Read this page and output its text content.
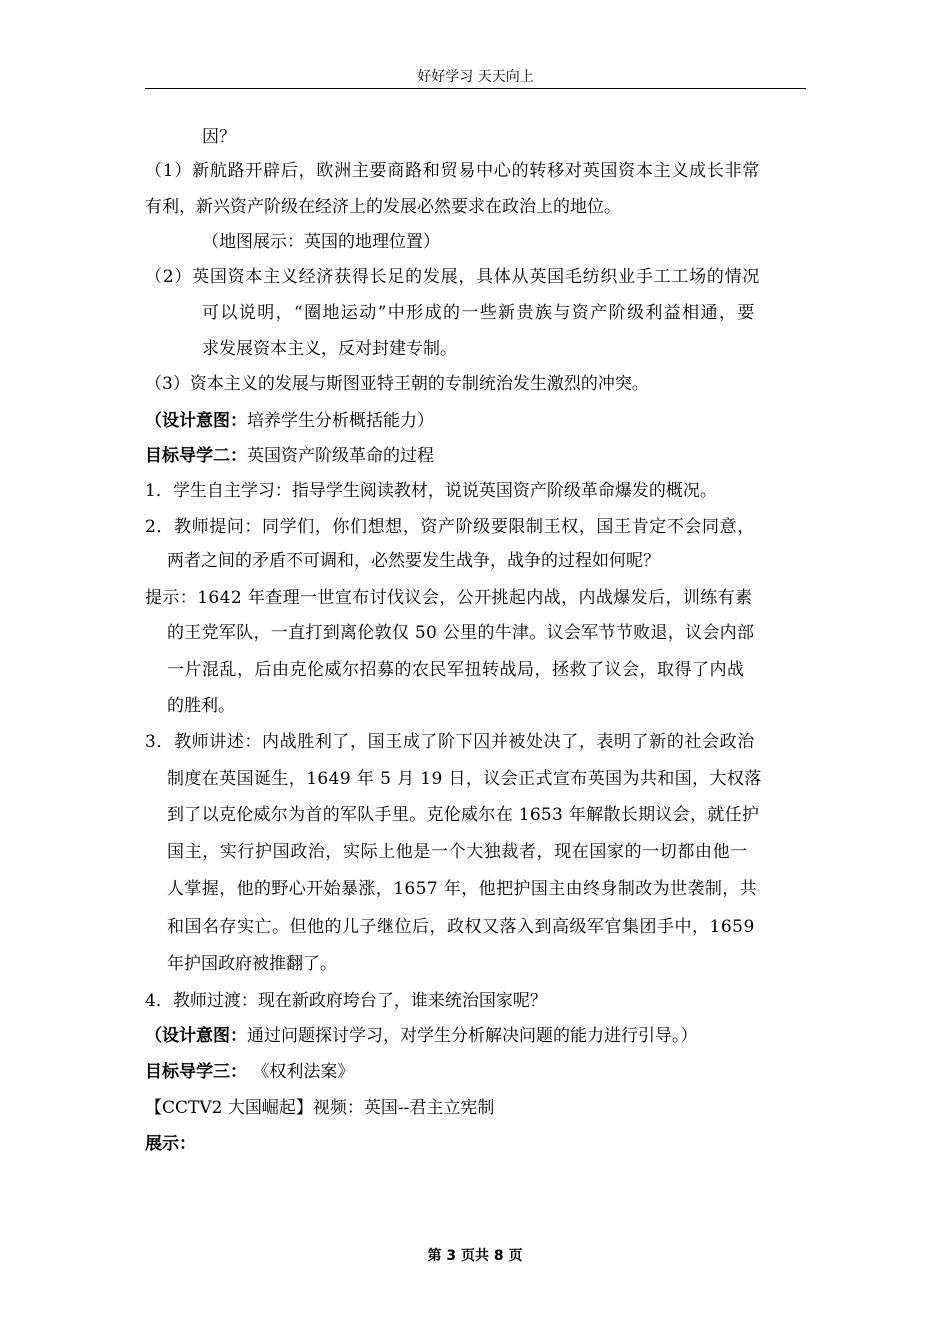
好好学习 天天向上
因？
（1）新航路开辟后，欧洲主要商路和贸易中心的转移对英国资本主义成长非常
有利，新兴资产阶级在经济上的发展必然要求在政治上的地位。
（地图展示：英国的地理位置）
（2）英国资本主义经济获得长足的发展，具体从英国毛纺织业手工工场的情况
可以说明，“圈地运动”中形成的一些新贵族与资产阶级利益相通，要
求发展资本主义，反对封建专制。
（3）资本主义的发展与斯图亚特王朝的专制统治发生激烈的冲突。
（设计意图：培养学生分析概括能力）
目标导学二：英国资产阶级革命的过程
1．学生自主学习：指导学生阅读教材，说说英国资产阶级革命爆发的概况。
2．教师提问：同学们，你们想想，资产阶级要限制王权，国王肯定不会同意，
两者之间的矛盾不可调和，必然要发生战争，战争的过程如何呢？
提示：1642 年查理一世宣布讨伐议会，公开挑起内战，内战爆发后，训练有素
的王党军队，一直打到离伦敦仅 50 公里的牛津。议会军节节败退，议会内部
一片混乱，后由克伦威尔招募的农民军扭转战局，拯救了议会，取得了内战
的胜利。
3．教师讲述：内战胜利了，国王成了阶下囚并被处决了，表明了新的社会政治
制度在英国诞生，1649 年 5 月 19 日，议会正式宣布英国为共和国，大权落
到了以克伦威尔为首的军队手里。克伦威尔在 1653 年解散长期议会，就任护
国主，实行护国政治，实际上他是一个大独裁者，现在国家的一切都由他一
人掌握，他的野心开始暴涨，1657 年，他把护国主由终身制改为世袭制，共
和国名存实亡。但他的儿子继位后，政权又落入到高级军官集团手中，1659
年护国政府被推翻了。
4．教师过渡：现在新政府垮台了，谁来统治国家呢？
（设计意图：通过问题探讨学习，对学生分析解决问题的能力进行引导。）
目标导学三： 《权利法案》
【CCTV2 大国崛起】视频：英国--君主立宪制
展示：
第 3 页共 8 页
